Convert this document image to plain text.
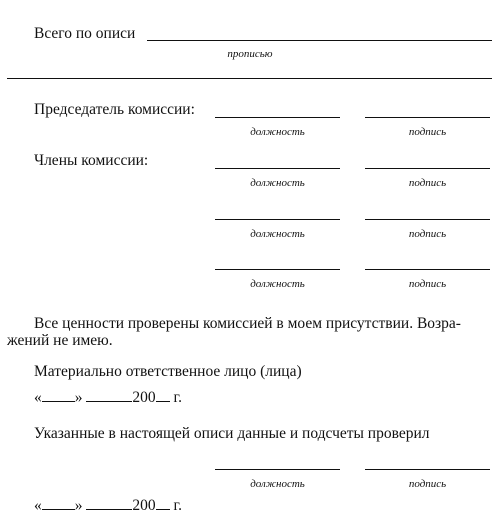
Всего по описи
прописью
Председатель комиссии:
должность	подпись
Члены комиссии:
должность	подпись
должность	подпись
должность	подпись
Все ценности проверены комиссией в моем присутствии. Возра-
жений не имею.
Материально ответственное лицо (лица)
« »	200 г.
Указанные в настоящей описи данные и подсчеты проверил
должность	подпись
« »	200 г.
